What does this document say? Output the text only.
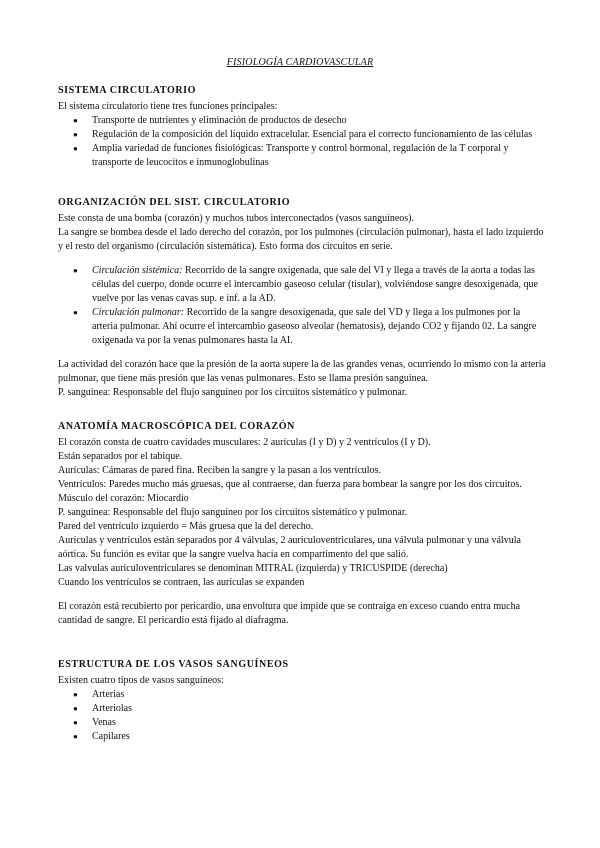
FISIOLOGÍA CARDIOVASCULAR
SISTEMA CIRCULATORIO
El sistema circulatorio tiene tres funciones principales:
● Transporte de nutrientes y eliminación de productos de desecho
● Regulación de la composición del líquido extracelular. Esencial para el correcto funcionamiento de las células
● Amplia variedad de funciones fisiológicas: Transporte y control hormonal, regulación de la T corporal y transporte de leucocitos e inmunoglobulinas
ORGANIZACIÓN DEL SIST. CIRCULATORIO
Este consta de una bomba (corazón) y muchos tubos interconectados (vasos sanguíneos).
La sangre se bombea desde el lado derecho del corazón, por los pulmones (circulación pulmonar), hasta el lado izquierdo y el resto del organismo (circulación sistemática). Esto forma dos circuitos en serie.
● Circulación sistémica: Recorrido de la sangre oxigenada, que sale del VI y llega a través de la aorta a todas las células del cuerpo, donde ocurre el intercambio gaseoso celular (tisular), volviéndose sangre desoxigenada, que vuelve por las venas cavas sup. e inf. a la AD.
● Circulación pulmonar: Recorrido de la sangre desoxigenada, que sale del VD y llega a los pulmones por la arteria pulmonar. Ahí ocurre el intercambio gaseoso alveolar (hematosis), dejando CO2 y fijando 02. La sangre oxigenada va por la venas pulmonares hasta la AI.
La actividad del corazón hace que la presión de la aorta supere la de las grandes venas, ocurriendo lo mismo con la arteria pulmonar, que tiene más presión que las venas pulmonares. Esto se llama presión sanguínea.
P. sanguínea: Responsable del flujo sanguíneo por los circuitos sistemático y pulmonar.
ANATOMÍA MACROSCÓPICA DEL CORAZÓN
El corazón consta de cuatro cavidades musculares: 2 aurículas (I y D) y 2 ventrículos (I y D).
Están separados por el tabique.
Aurículas: Cámaras de pared fina. Reciben la sangre y la pasan a los ventrículos.
Ventrículos: Paredes mucho más gruesas, que al contraerse, dan fuerza para bombear la sangre por los dos circuitos.
Músculo del corazón: Miocardio
P. sanguínea: Responsable del flujo sanguíneo por los circuitos sistemático y pulmonar.
Pared del ventrículo izquierdo = Más gruesa que la del derecho.
Aurículas y ventrículos están separados por 4 válvulas, 2 auriculoventriculares, una válvula pulmonar y una válvula aórtica. Su función es evitar que la sangre vuelva hacia en compartimento del que salió.
Las valvulas auriculoventriculares se denominan MITRAL (izquierda) y TRICUSPIDE (derecha)
Cuando los ventrículos se contraen, las aurículas se expanden
El corazón está recubierto por pericardio, una envoltura que impide que se contraiga en exceso cuando entra mucha cantidad de sangre. El pericardio está fijado al diafragma.
ESTRUCTURA DE LOS VASOS SANGUÍNEOS
Existen cuatro tipos de vasos sanguíneos:
● Arterias
● Arteriolas
● Venas
● Capilares
